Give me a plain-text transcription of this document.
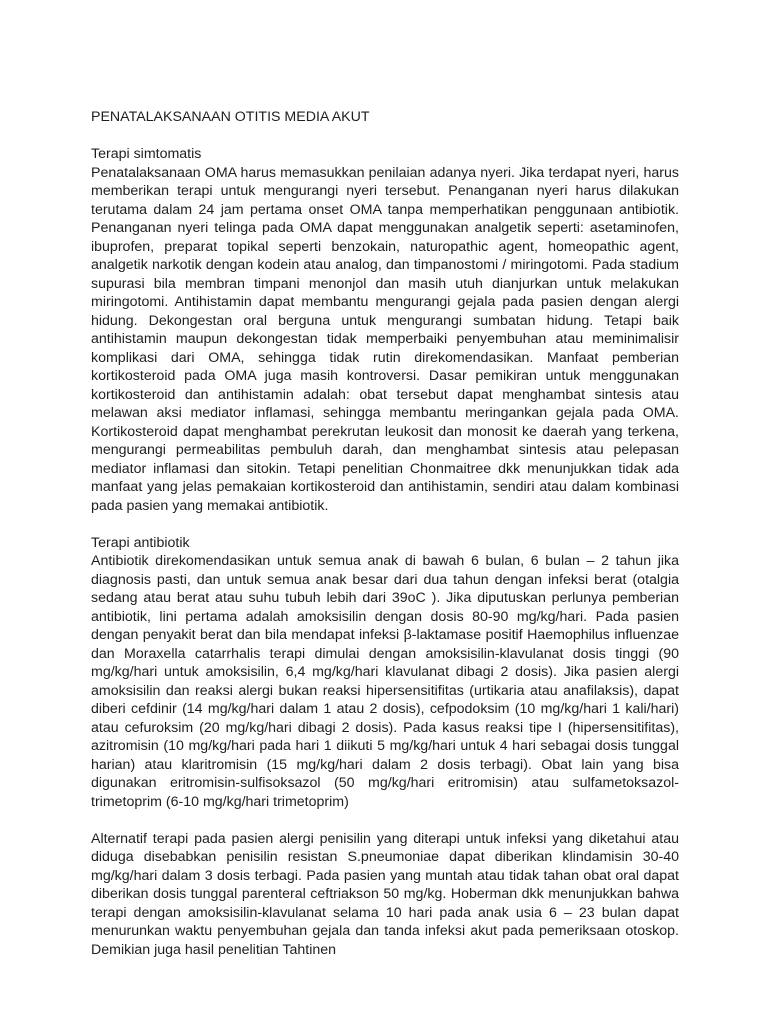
PENATALAKSANAAN OTITIS MEDIA AKUT

Terapi simtomatis

Penatalaksanaan OMA harus memasukkan penilaian adanya nyeri. Jika terdapat nyeri, harus memberikan terapi untuk mengurangi nyeri tersebut. Penanganan nyeri harus dilakukan terutama dalam 24 jam pertama onset OMA tanpa memperhatikan penggunaan antibiotik. Penanganan nyeri telinga pada OMA dapat menggunakan analgetik seperti: asetaminofen, ibuprofen, preparat topikal seperti benzokain, naturopathic agent, homeopathic agent, analgetik narkotik dengan kodein atau analog, dan timpanostomi / miringotomi. Pada stadium supurasi bila membran timpani menonjol dan masih utuh dianjurkan untuk melakukan miringotomi. Antihistamin dapat membantu mengurangi gejala pada pasien dengan alergi hidung. Dekongestan oral berguna untuk mengurangi sumbatan hidung. Tetapi baik antihistamin maupun dekongestan tidak memperbaiki penyembuhan atau meminimalisir komplikasi dari OMA, sehingga tidak rutin direkomendasikan. Manfaat pemberian kortikosteroid pada OMA juga masih kontroversi. Dasar pemikiran untuk menggunakan kortikosteroid dan antihistamin adalah: obat tersebut dapat menghambat sintesis atau melawan aksi mediator inflamasi, sehingga membantu meringankan gejala pada OMA. Kortikosteroid dapat menghambat perekrutan leukosit dan monosit ke daerah yang terkena, mengurangi permeabilitas pembuluh darah, dan menghambat sintesis atau pelepasan mediator inflamasi dan sitokin. Tetapi penelitian Chonmaitree dkk menunjukkan tidak ada manfaat yang jelas pemakaian kortikosteroid dan antihistamin, sendiri atau dalam kombinasi pada pasien yang memakai antibiotik.

Terapi antibiotik

Antibiotik direkomendasikan untuk semua anak di bawah 6 bulan, 6 bulan – 2 tahun jika diagnosis pasti, dan untuk semua anak besar dari dua tahun dengan infeksi berat (otalgia sedang atau berat atau suhu tubuh lebih dari 39oC ). Jika diputuskan perlunya pemberian antibiotik, lini pertama adalah amoksisilin dengan dosis 80-90 mg/kg/hari. Pada pasien dengan penyakit berat dan bila mendapat infeksi β-laktamase positif Haemophilus influenzae dan Moraxella catarrhalis terapi dimulai dengan amoksisilin-klavulanat dosis tinggi (90 mg/kg/hari untuk amoksisilin, 6,4 mg/kg/hari klavulanat dibagi 2 dosis). Jika pasien alergi amoksisilin dan reaksi alergi bukan reaksi hipersensitifitas (urtikaria atau anafilaksis), dapat diberi cefdinir (14 mg/kg/hari dalam 1 atau 2 dosis), cefpodoksim (10 mg/kg/hari 1 kali/hari) atau cefuroksim (20 mg/kg/hari dibagi 2 dosis). Pada kasus reaksi tipe I (hipersensitifitas), azitromisin (10 mg/kg/hari pada hari 1 diikuti 5 mg/kg/hari untuk 4 hari sebagai dosis tunggal harian) atau klaritromisin (15 mg/kg/hari dalam 2 dosis terbagi). Obat lain yang bisa digunakan eritromisin-sulfisoksazol (50 mg/kg/hari eritromisin) atau sulfametoksazol-trimetoprim (6-10 mg/kg/hari trimetoprim)

Alternatif terapi pada pasien alergi penisilin yang diterapi untuk infeksi yang diketahui atau diduga disebabkan penisilin resistan S.pneumoniae dapat diberikan klindamisin 30-40 mg/kg/hari dalam 3 dosis terbagi. Pada pasien yang muntah atau tidak tahan obat oral dapat diberikan dosis tunggal parenteral ceftriakson 50 mg/kg. Hoberman dkk menunjukkan bahwa terapi dengan amoksisilin-klavulanat selama 10 hari pada anak usia 6 – 23 bulan dapat menurunkan waktu penyembuhan gejala dan tanda infeksi akut pada pemeriksaan otoskop. Demikian juga hasil penelitian Tahtinen
